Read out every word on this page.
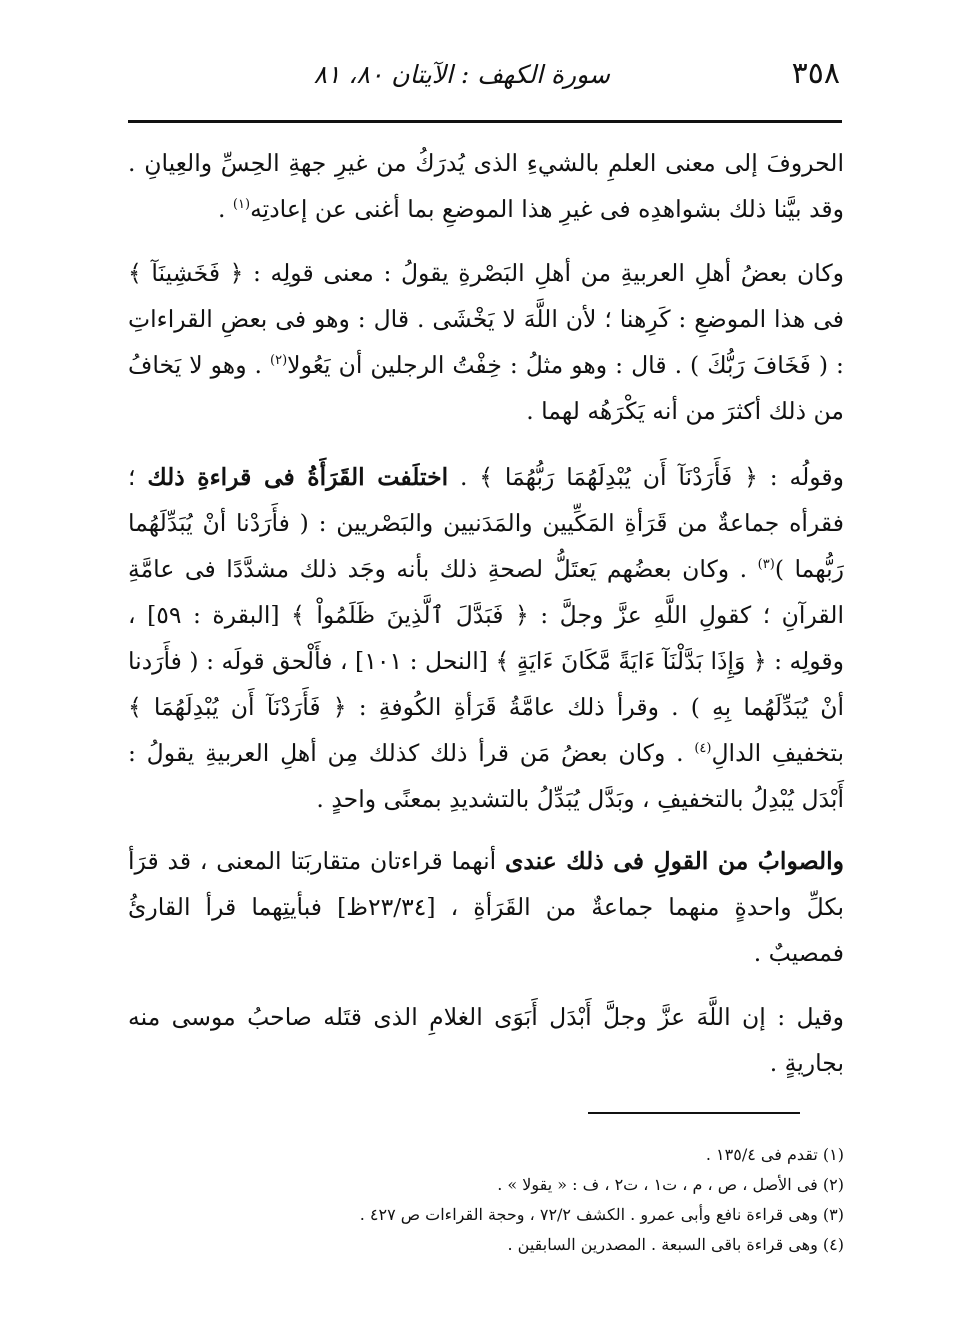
٣٥٨
سورة الكهف : الآيتان ٨٠، ٨١

الحروفَ إلى معنى العلمِ بالشيءِ الذى يُدرَكُ من غيرِ جهةِ الحِسِّ والعِيانِ . وقد بيَّنا ذلك بشواهدِه فى غيرِ هذا الموضعِ بما أغنى عن إعادتِه$^{(١)}$ .

وكان بعضُ أهلِ العربيةِ من أهلِ البَصْرةِ يقولُ : معنى قولِه : ﴿ فَخَشِينَآ ﴾ فى هذا الموضعِ : كَرِهنا ؛ لأن اللَّهَ لا يَخْشَى . قال : وهو فى بعضِ القراءاتِ : ( فَخَافَ رَبُّكَ ) . قال : وهو مثلُ : خِفْتُ الرجلين أن يَعُولا$^{(٢)}$ . وهو لا يَخافُ من ذلك أكثرَ من أنه يَكْرَهُه لهما .

وقولُه : ﴿ فَأَرَدْنَآ أَن يُبْدِلَهُمَا رَبُّهُمَا ﴾ . اختلَفت القَرَأَةُ فى قراءةِ ذلك ؛ فقرأه جماعةٌ من قَرَأةِ المَكِّيين والمَدَنيين والبَصْريين : ( فأَرَدْنا أنْ يُبَدِّلَهُما رَبُّهما )$^{(٣)}$ . وكان بعضُهم يَعتَلُّ لصحةِ ذلك بأنه وجَد ذلك مشدَّدًا فى عامَّةِ القرآنِ ؛ كقولِ اللَّهِ عزَّ وجلَّ : ﴿ فَبَدَّلَ ٱلَّذِينَ ظَلَمُواْ ﴾ [البقرة : ٥٩] ، وقولِه : ﴿ وَإِذَا بَدَّلْنَآ ءَايَةً مَّكَانَ ءَايَةٍ ﴾ [النحل : ١٠١] ، فأَلْحق قولَه : ( فأَرَدنا أنْ يُبَدِّلَهُما بِهِ ) . وقرأ ذلك عامَّةُ قَرَأةِ الكُوفةِ : ﴿ فَأَرَدْنَآ أَن يُبْدِلَهُمَا ﴾ بتخفيفِ الدالِ$^{(٤)}$ . وكان بعضُ مَن قرأ ذلك كذلك مِن أهلِ العربيةِ يقولُ : أَبْدَل يُبْدِلُ بالتخفيفِ ، وبَدَّل يُبَدِّلُ بالتشديدِ بمعنًى واحدٍ .

والصوابُ من القولِ فى ذلك عندى أنهما قراءتان متقاربَتا المعنى ، قد قرَأ بكلِّ واحدةٍ منهما جماعةٌ من القَرَأةِ ، [٢٣/٣٤ظ] فبأيتِهما قرأ القارئُ فمصيبٌ .

وقيل : إن اللَّهَ عزَّ وجلَّ أَبْدَل أَبَوَى الغلامِ الذى قتَله صاحبُ موسى منه بجاريةٍ .

(١) تقدم فى ١٣٥/٤ .

(٢) فى الأصل ، ص ، م ، ت١ ، ت٢ ، ف : « يقولا » .

(٣) وهى قراءة نافع وأبى عمرو . الكشف ٧٢/٢ ، وحجة القراءات ص ٤٢٧ .

(٤) وهى قراءة باقى السبعة . المصدرين السابقين .
